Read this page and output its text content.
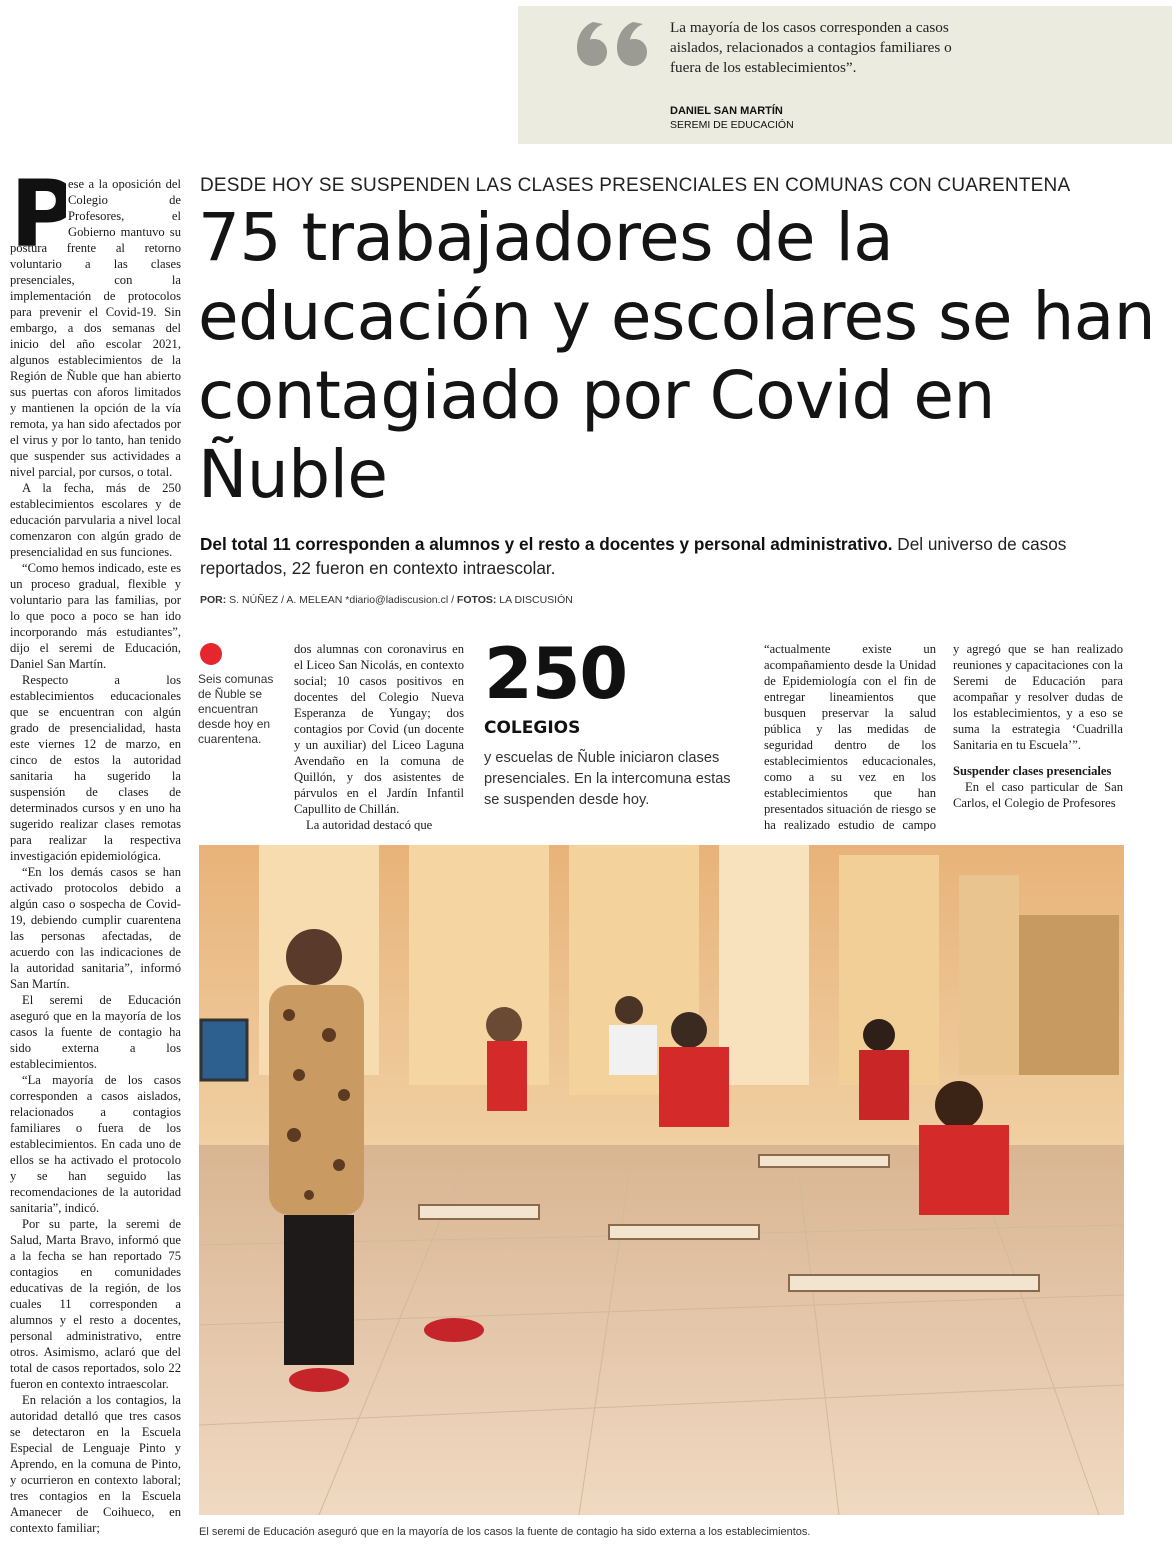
La mayoría de los casos corresponden a casos aislados, relacionados a contagios familiares o fuera de los establecimientos”.
DANIEL SAN MARTÍN
SEREMI DE EDUCACIÓN
P

ese a la oposición del Colegio de Profesores, el Gobierno mantuvo su postura frente al retorno voluntario a las clases presenciales, con la implementación de protocolos para prevenir el Covid-19. Sin embargo, a dos semanas del inicio del año escolar 2021, algunos establecimientos de la Región de Ñuble que han abierto sus puertas con aforos limitados y mantienen la opción de la vía remota, ya han sido afectados por el virus y por lo tanto, han tenido que suspender sus actividades a nivel parcial, por cursos, o total.

A la fecha, más de 250 establecimientos escolares y de educación parvularia a nivel local comenzaron con algún grado de presencialidad en sus funciones.

“Como hemos indicado, este es un proceso gradual, flexible y voluntario para las familias, por lo que poco a poco se han ido incorporando más estudiantes”, dijo el seremi de Educación, Daniel San Martín.

Respecto a los establecimientos educacionales que se encuentran con algún grado de presencialidad, hasta este viernes 12 de marzo, en cinco de estos la autoridad sanitaria ha sugerido la suspensión de clases de determinados cursos y en uno ha sugerido realizar clases remotas para realizar la respectiva investigación epidemiológica.

“En los demás casos se han activado protocolos debido a algún caso o sospecha de Covid-19, debiendo cumplir cuarentena las personas afectadas, de acuerdo con las indicaciones de la autoridad sanitaria”, informó San Martín.

El seremi de Educación aseguró que en la mayoría de los casos la fuente de contagio ha sido externa a los establecimientos.

“La mayoría de los casos corresponden a casos aislados, relacionados a contagios familiares o fuera de los establecimientos. En cada uno de ellos se ha activado el protocolo y se han seguido las recomendaciones de la autoridad sanitaria”, indicó.

Por su parte, la seremi de Salud, Marta Bravo, informó que a la fecha se han reportado 75 contagios en comunidades educativas de la región, de los cuales 11 corresponden a alumnos y el resto a docentes, personal administrativo, entre otros. Asimismo, aclaró que del total de casos reportados, solo 22 fueron en contexto intraescolar.

En relación a los contagios, la autoridad detalló que tres casos se detectaron en la Escuela Especial de Lenguaje Pinto y Aprendo, en la comuna de Pinto, y ocurrieron en contexto laboral; tres contagios en la Escuela Amanecer de Coihueco, en contexto familiar;

DESDE HOY SE SUSPENDEN LAS CLASES PRESENCIALES EN COMUNAS CON CUARENTENA
75 trabajadores de la educación y escolares se han contagiado por Covid en Ñuble
Del total 11 corresponden a alumnos y el resto a docentes y personal administrativo. Del universo de casos reportados, 22 fueron en contexto intraescolar.
POR: S. NÚÑEZ / A. MELEAN *diario@ladiscusion.cl / FOTOS: LA DISCUSIÓN
Seis comunas de Ñuble se encuentran desde hoy en cuarentena.

dos alumnas con coronavirus en el Liceo San Nicolás, en contexto social; 10 casos positivos en docentes del Colegio Nueva Esperanza de Yungay; dos contagios por Covid (un docente y un auxiliar) del Liceo Laguna Avendaño en la comuna de Quillón, y dos asistentes de párvulos en el Jardín Infantil Capullito de Chillán.

La autoridad destacó que

250
COLEGIOS
y escuelas de Ñuble iniciaron clases presenciales. En la intercomuna estas se suspenden desde hoy.

“actualmente existe un acompañamiento desde la Unidad de Epidemiología con el fin de entregar lineamientos que busquen preservar la salud pública y las medidas de seguridad dentro de los establecimientos educacionales, como a su vez en los establecimientos que han presentados situación de riesgo se ha realizado estudio de campo

y agregó que se han realizado reuniones y capacitaciones con la Seremi de Educación para acompañar y resolver dudas de los establecimientos, y a eso se suma la estrategia ‘Cuadrilla Sanitaria en tu Escuela’”.

Suspender clases presenciales

En el caso particular de San Carlos, el Colegio de Profesores

El seremi de Educación aseguró que en la mayoría de los casos la fuente de contagio ha sido externa a los establecimientos.
